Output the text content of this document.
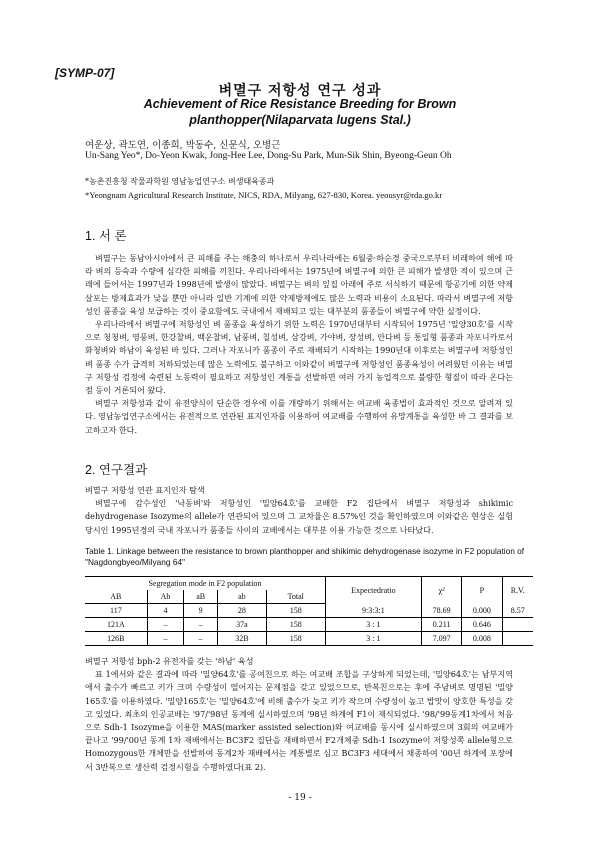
[SYMP-07]
벼멸구 저항성 연구 성과
Achievement of Rice Resistance Breeding for Brown
planthopper(Nilaparvata lugens Stal.)
여운상, 곽도연, 이종희, 박동수, 신문식, 오병근
Un-Sang Yeo*, Do-Yeon Kwak, Jong-Hee Lee, Dong-Su Park, Mun-Sik Shin, Byeong-Geun Oh
*농촌진흥청 작물과학원 영남농업연구소 벼생태육종과
*Yeongnam Agricultural Research Institute, NICS, RDA, Milyang, 627-830, Korea. yeousyr@rda.go.kr
1. 서 론

벼멸구는 동남아시아에서 큰 피해를 주는 해충의 하나로서 우리나라에는 6월중·하순경 중국으로부터 비래하여 해에 따라 벼의 등숙과 수량에 심각한 피해를 끼친다. 우리나라에서는 1975년에 벼멸구에 의한 큰 피해가 발생한 적이 있으며 근래에 들어서는 1997년과 1998년에 발생이 많았다. 벼멸구는 벼의 잎집 아래에 주로 서식하기 때문에 항공기에 의한 약제 살포는 방제효과가 낮을 뿐만 아니라 일반 기계에 의한 약제방제에도 많은 노력과 비용이 소요된다. 따라서 벼멸구에 저항성인 품종을 육성 보급하는 것이 중요함에도 국내에서 재배되고 있는 대부분의 품종들이 벼멸구에 약한 실정이다.

우리나라에서 벼멸구에 저항성인 벼 품종을 육성하기 위한 노력은 1970년대부터 시작되어 1975년 '밀양30호'를 시작으로 청청벼, 영풍벼, 한강찰벼, 백운찰벼, 남풍벼, 칠성벼, 삼강벼, 가야벼, 장성벼, 안다벼 등 통일형 품종과 자포니카로서 화청벼와 하남이 육성된 바 있다. 그러나 자포니카 품종이 주로 재배되기 시작하는 1990년대 이후로는 벼멸구에 저항성인 벼 품종 수가 급격히 저하되었는데 많은 노력에도 불구하고 이와같이 벼멸구에 저항성인 품종육성이 어려웠던 이유는 벼멸구 저항성 검정에 숙련된 노동력이 필요하고 저항성인 계통을 선발하면 여러 가지 농업적으로 불량한 형질이 따라 온다는 점 등이 거론되어 왔다.

벼멸구 저항성과 같이 유전양식이 단순한 경우에 이를 개량하기 위해서는 여교배 육종법이 효과적인 것으로 알려져 있다. 영남농업연구소에서는 유전적으로 연관된 표지인자를 이용하여 여교배를 수행하여 유망계통을 육성한 바 그 결과를 보고하고자 한다.

2. 연구결과

벼멸구 저항성 연관 표지인자 탐색

벼멸구에 감수성인 '낙동벼'와 저항성인 '밀양64호'를 교배한 F2 집단에서 벼멸구 저항성과 shikimic dehydrogenase Isozyme의 allele가 연관되어 있으며 그 교차율은 8.57%인 것을 확인하였으며 이와같은 현상은 실험당시인 1995년경의 국내 자포니카 품종들 사이의 교배에서는 대부분 이용 가능한 것으로 나타났다.

Table 1. Linkage between the resistance to brown planthopper and shikimic dehydrogenase isozyme in F2 population of "Nagdongbyeo/Milyang 64"
Segregation mode in F2 population					Expectedratio	χ²	P	R.V.
AB	Ab	aB	ab	Total				
117	4	9	28	158	9:3:3:1	78.69	0.000	8.57
121A	–	–	37a	158	3 : 1	0.211	0.646	
126B	–	–	32B	158	3 : 1	7.097	0.008	

벼멸구 저항성 bph-2 유전자를 갖는 '하남' 육성

표 1에서와 같은 결과에 따라 '밀양64호'를 공여친으로 하는 여교배 조합을 구상하게 되었는데, '밀양64호'는 남부지역에서 출수가 빠르고 키가 크며 수량성이 떨어지는 문제점을 갖고 있었으므로, 반복친으로는 후에 주남벼로 명명된 '밀양165호'를 이용하였다. '밀양165호'는 '밀양64호'에 비해 출수가 늦고 키가 작으며 수량성이 높고 밥맛이 양호한 특성을 갖고 있었다. 최초의 인공교배는 '97/'98년 동계에 실시하였으며 '98년 하계에 F1이 재식되었다. '98/'99동계1차에서 처음으로 Sdh-1 Isozyme을 이용한 MAS(marker assisted selection)와 여교배를 동시에 실시하였으며 3회의 여교배가 끝나고 '99/'00년 동계 1차 재배에서는 BC3F2 집단을 재배하면서 F2개체중 Sdh-1 Isozyme이 저항성쪽 allele형으로 Homozygous한 개체만을 선발하여 동계2차 재배에서는 계통별로 심고 BC3F3 세대에서 채종하여 '00년 하계에 포장에서 3반복으로 생산력 검정시험을 수행하였다(표 2).

- 19 -
